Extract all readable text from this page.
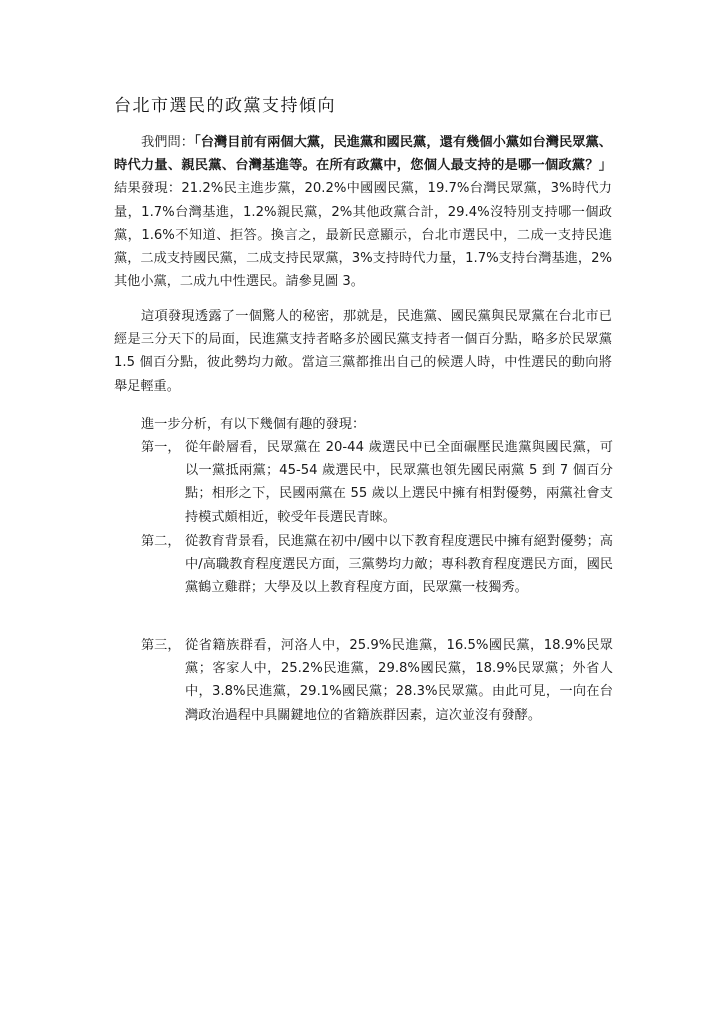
台北市選民的政黨支持傾向

我們問：「台灣目前有兩個大黨，民進黨和國民黨，還有幾個小黨如台灣民眾黨、時代力量、親民黨、台灣基進等。在所有政黨中，您個人最支持的是哪一個政黨？」結果發現：21.2%民主進步黨，20.2%中國國民黨，19.7%台灣民眾黨，3%時代力量，1.7%台灣基進，1.2%親民黨，2%其他政黨合計，29.4%沒特別支持哪一個政黨，1.6%不知道、拒答。換言之，最新民意顯示，台北市選民中，二成一支持民進黨，二成支持國民黨，二成支持民眾黨，3%支持時代力量，1.7%支持台灣基進，2%其他小黨，二成九中性選民。請參見圖 3。

這項發現透露了一個驚人的秘密，那就是，民進黨、國民黨與民眾黨在台北市已經是三分天下的局面，民進黨支持者略多於國民黨支持者一個百分點，略多於民眾黨 1.5 個百分點，彼此勢均力敵。當這三黨都推出自己的候選人時，中性選民的動向將舉足輕重。

進一步分析，有以下幾個有趣的發現：

第一， 從年齡層看，民眾黨在 20-44 歲選民中已全面碾壓民進黨與國民黨，可以一黨抵兩黨；45-54 歲選民中，民眾黨也領先國民兩黨 5 到 7 個百分點；相形之下，民國兩黨在 55 歲以上選民中擁有相對優勢，兩黨社會支持模式頗相近，較受年長選民青睞。
第二， 從教育背景看，民進黨在初中/國中以下教育程度選民中擁有絕對優勢；高中/高職教育程度選民方面，三黨勢均力敵；專科教育程度選民方面，國民黨鶴立雞群；大學及以上教育程度方面，民眾黨一枝獨秀。
第三， 從省籍族群看，河洛人中，25.9%民進黨，16.5%國民黨，18.9%民眾黨；客家人中，25.2%民進黨，29.8%國民黨，18.9%民眾黨；外省人中，3.8%民進黨，29.1%國民黨；28.3%民眾黨。由此可見，一向在台灣政治過程中具關鍵地位的省籍族群因素，這次並沒有發酵。
